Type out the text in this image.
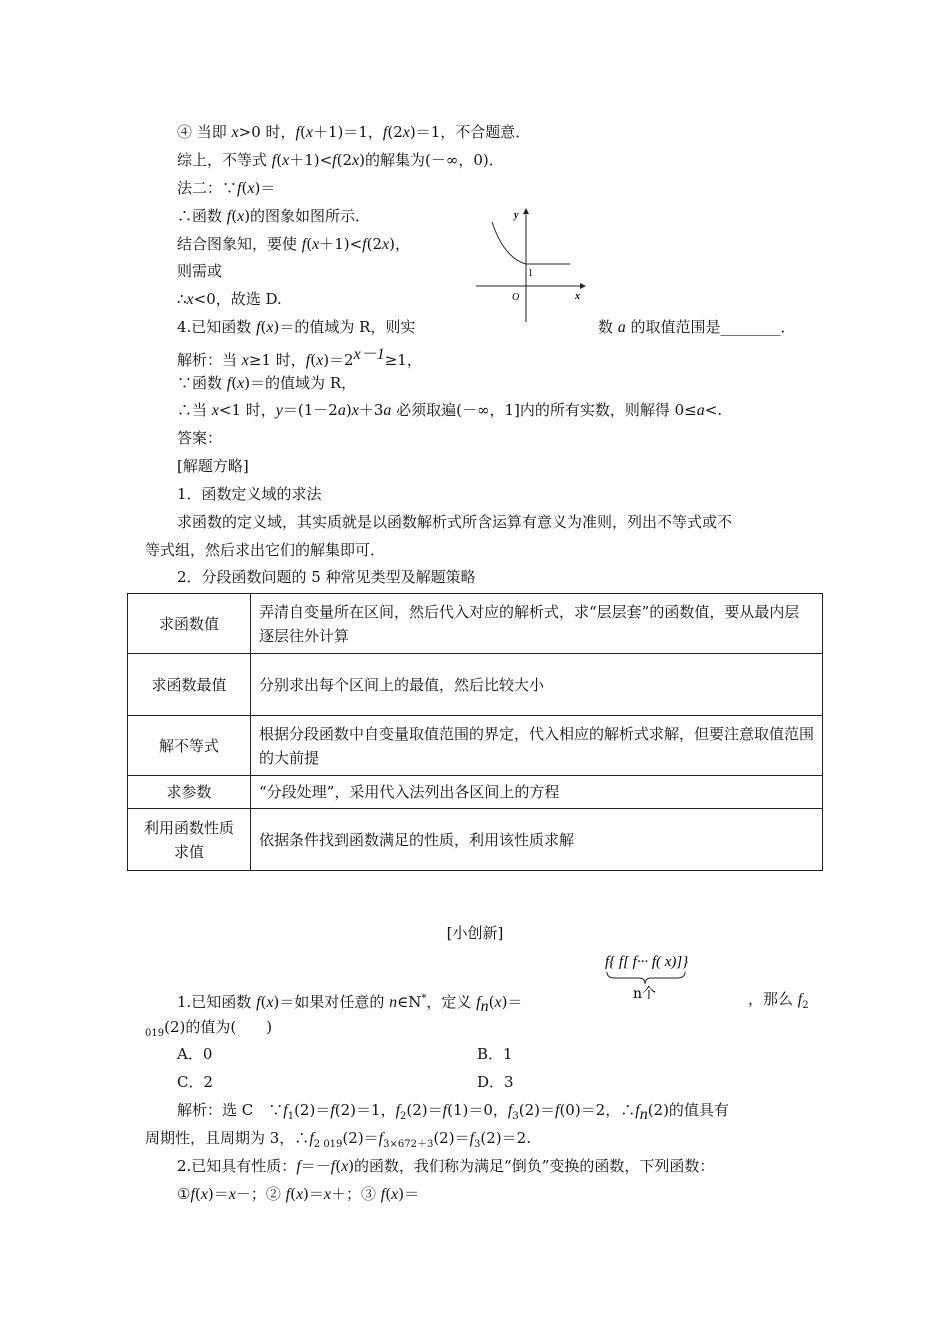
④ 当即 x>0 时，f(x＋1)＝1，f(2x)＝1，不合题意．
综上，不等式 f(x＋1)<f(2x)的解集为(－∞，0)．
法二：∵f(x)＝
∴函数 f(x)的图象如图所示．
结合图象知，要使 f(x＋1)<f(2x)，
则需或
∴x<0，故选 D.
y
x
O
1
4.已知函数 f(x)＝的值域为 R，则实	数 a 的取值范围是________．
解析：当 x≥1 时，$f(x)=2^{x-1}\ge 1$，
∵函数 f(x)＝的值域为 R，
∴当 x<1 时，y＝(1－2a)x＋3a 必须取遍(－∞，1]内的所有实数，则解得 0≤a<.
答案：
[解题方略]
1．函数定义域的求法
求函数的定义域，其实质就是以函数解析式所含运算有意义为准则，列出不等式或不
等式组，然后求出它们的解集即可．
2．分段函数问题的 5 种常见类型及解题策略
求函数值	弄清自变量所在区间，然后代入对应的解析式，求“层层套”的函数值，要从最内层逐层往外计算
求函数最值	分别求出每个区间上的最值，然后比较大小
解不等式	根据分段函数中自变量取值范围的界定，代入相应的解析式求解，但要注意取值范围的大前提
求参数	“分段处理”，采用代入法列出各区间上的方程
利用函数性质求值	依据条件找到函数满足的性质，利用该性质求解
[小创新]
f{ f[ f··· f( x)]}
n个
1.已知函数 f(x)＝如果对任意的 n∈N*，定义 $f_n(x)=$	，那么 $f_2$
$_{019}$(2)的值为(　　)
A．0	B．1
C．2	D．3
解析：选 C　$\because f_1(2)=f(2)=1$，$f_2(2)=f(1)=0$，$f_3(2)=f(0)=2$，$\therefore f_n(2)$的值具有
周期性，且周期为 3，$\therefore f_{2 019}(2)=f_{3\times 672+3}(2)=f_3(2)=2$.
2.已知具有性质：f＝－f(x)的函数，我们称为满足“倒负”变换的函数，下列函数：
①f(x)＝x－；② f(x)＝x＋；③ f(x)＝
